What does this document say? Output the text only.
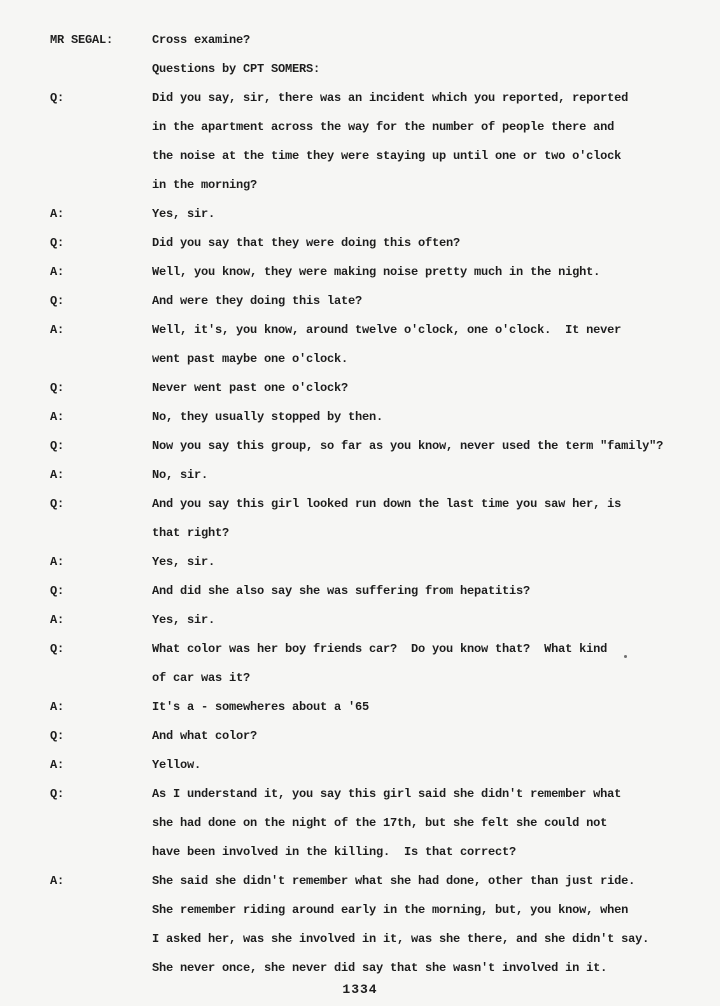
MR SEGAL:	Cross examine?
Questions by CPT SOMERS:
Q:	Did you say, sir, there was an incident which you reported, reported
in the apartment across the way for the number of people there and
the noise at the time they were staying up until one or two o'clock
in the morning?
A:	Yes, sir.
Q:	Did you say that they were doing this often?
A:	Well, you know, they were making noise pretty much in the night.
Q:	And were they doing this late?
A:	Well, it's, you know, around twelve o'clock, one o'clock.  It never
went past maybe one o'clock.
Q:	Never went past one o'clock?
A:	No, they usually stopped by then.
Q:	Now you say this group, so far as you know, never used the term "family"?
A:	No, sir.
Q:	And you say this girl looked run down the last time you saw her, is
that right?
A:	Yes, sir.
Q:	And did she also say she was suffering from hepatitis?
A:	Yes, sir.
Q:	What color was her boy friends car?  Do you know that?  What kind
of car was it?
A:	It's a - somewheres about a '65
Q:	And what color?
A:	Yellow.
Q:	As I understand it, you say this girl said she didn't remember what
she had done on the night of the 17th, but she felt she could not
have been involved in the killing.  Is that correct?
A:	She said she didn't remember what she had done, other than just ride.
She remember riding around early in the morning, but, you know, when
I asked her, was she involved in it, was she there, and she didn't say.
She never once, she never did say that she wasn't involved in it.
1334
